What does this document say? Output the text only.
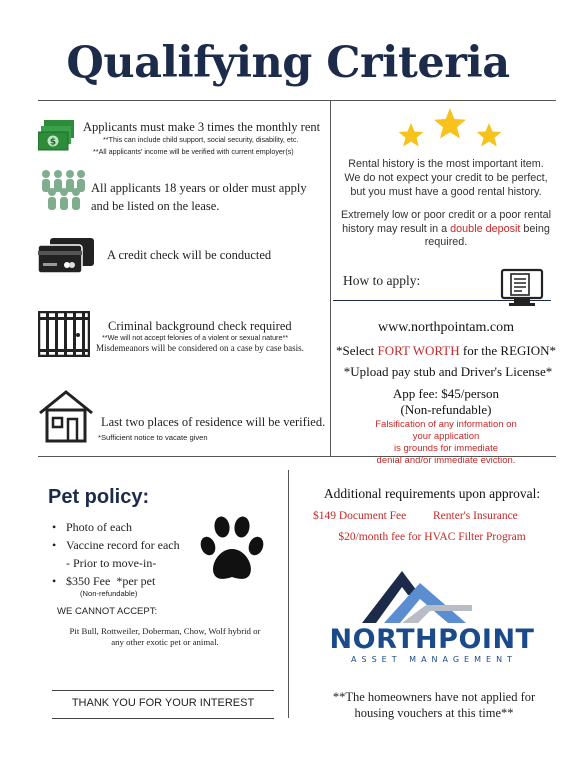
Qualifying Criteria
$
Applicants must make 3 times the monthly rent
**This can include child support, social security, disability, etc.
**All applicants' income will be verified with current employer(s)
All applicants 18 years or older must apply
and be listed on the lease.
A credit check will be conducted
Criminal background check required
**We will not accept felonies of a violent or sexual nature**
Misdemeanors will be considered on a case by case basis.
Last two places of residence will be verified.
*Sufficient notice to vacate given
Rental history is the most important item.
We do not expect your credit to be perfect,
but you must have a good rental history.
Extremely low or poor credit or a poor rental
history may result in a double deposit being
required.
How to apply:
www.northpointam.com
*Select FORT WORTH for the REGION*
*Upload pay stub and Driver's License*
App fee: $45/person
(Non-refundable)
Falsification of any information on
your application
is grounds for immediate
denial and/or immediate eviction.
Pet policy:
• Photo of each
• Vaccine record for each
- Prior to move-in-
• $350 Fee *per pet
(Non-refundable)
WE CANNOT ACCEPT:
Pit Bull, Rottweiler, Doberman, Chow, Wolf hybrid or
any other exotic pet or animal.
Additional requirements upon approval:
$149 Document Fee Renter's Insurance
$20/month fee for HVAC Filter Program
NORTHPOINT
ASSET MANAGEMENT
THANK YOU FOR YOUR INTEREST	**The homeowners have not applied for
housing vouchers at this time**
